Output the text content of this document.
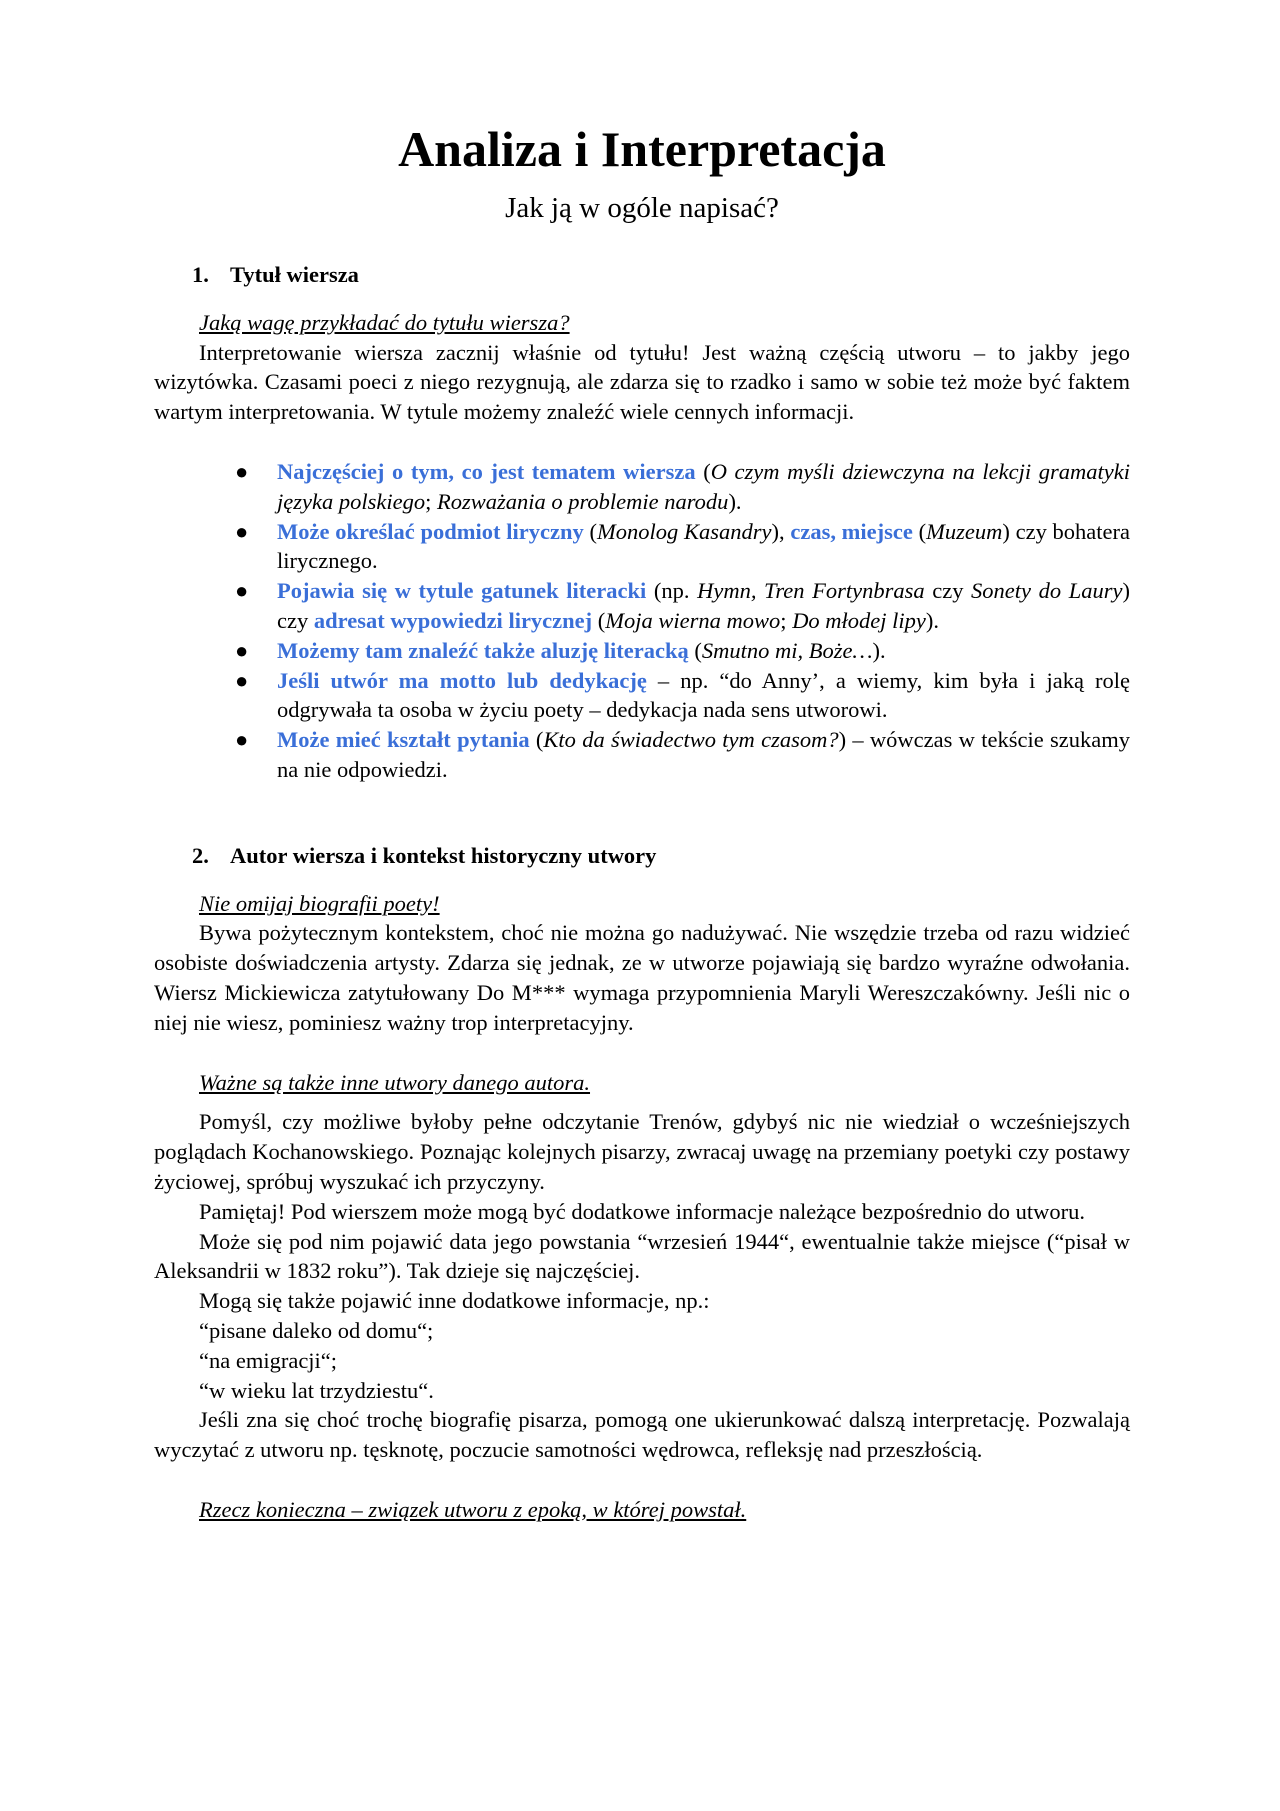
Analiza i Interpretacja
Jak ją w ogóle napisać?
1. Tytuł wiersza
Jaką wagę przykładać do tytułu wiersza?

Interpretowanie wiersza zacznij właśnie od tytułu! Jest ważną częścią utworu – to jakby jego wizytówka. Czasami poeci z niego rezygnują, ale zdarza się to rzadko i samo w sobie też może być faktem wartym interpretowania. W tytule możemy znaleźć wiele cennych informacji.

● Najczęściej o tym, co jest tematem wiersza (O czym myśli dziewczyna na lekcji gramatyki języka polskiego; Rozważania o problemie narodu).
● Może określać podmiot liryczny (Monolog Kasandry), czas, miejsce (Muzeum) czy bohatera lirycznego.
● Pojawia się w tytule gatunek literacki (np. Hymn, Tren Fortynbrasa czy Sonety do Laury) czy adresat wypowiedzi lirycznej (Moja wierna mowo; Do młodej lipy).
● Możemy tam znaleźć także aluzję literacką (Smutno mi, Boże…).
● Jeśli utwór ma motto lub dedykację – np. “do Anny’, a wiemy, kim była i jaką rolę odgrywała ta osoba w życiu poety – dedykacja nada sens utworowi.
● Może mieć kształt pytania (Kto da świadectwo tym czasom?) – wówczas w tekście szukamy na nie odpowiedzi.
2. Autor wiersza i kontekst historyczny utwory
Nie omijaj biografii poety!

Bywa pożytecznym kontekstem, choć nie można go nadużywać. Nie wszędzie trzeba od razu widzieć osobiste doświadczenia artysty. Zdarza się jednak, ze w utworze pojawiają się bardzo wyraźne odwołania. Wiersz Mickiewicza zatytułowany Do M*** wymaga przypomnienia Maryli Wereszczakówny. Jeśli nic o niej nie wiesz, pominiesz ważny trop interpretacyjny.

Ważne są także inne utwory danego autora.

Pomyśl, czy możliwe byłoby pełne odczytanie Trenów, gdybyś nic nie wiedział o wcześniejszych poglądach Kochanowskiego. Poznając kolejnych pisarzy, zwracaj uwagę na przemiany poetyki czy postawy życiowej, spróbuj wyszukać ich przyczyny.

Pamiętaj! Pod wierszem może mogą być dodatkowe informacje należące bezpośrednio do utworu.

Może się pod nim pojawić data jego powstania “wrzesień 1944“, ewentualnie także miejsce (“pisał w Aleksandrii w 1832 roku”). Tak dzieje się najczęściej.

Mogą się także pojawić inne dodatkowe informacje, np.:

“pisane daleko od domu“;
“na emigracji“;
“w wieku lat trzydziestu“.

Jeśli zna się choć trochę biografię pisarza, pomogą one ukierunkować dalszą interpretację. Pozwalają wyczytać z utworu np. tęsknotę, poczucie samotności wędrowca, refleksję nad przeszłością.

Rzecz konieczna – związek utworu z epoką, w której powstał.
